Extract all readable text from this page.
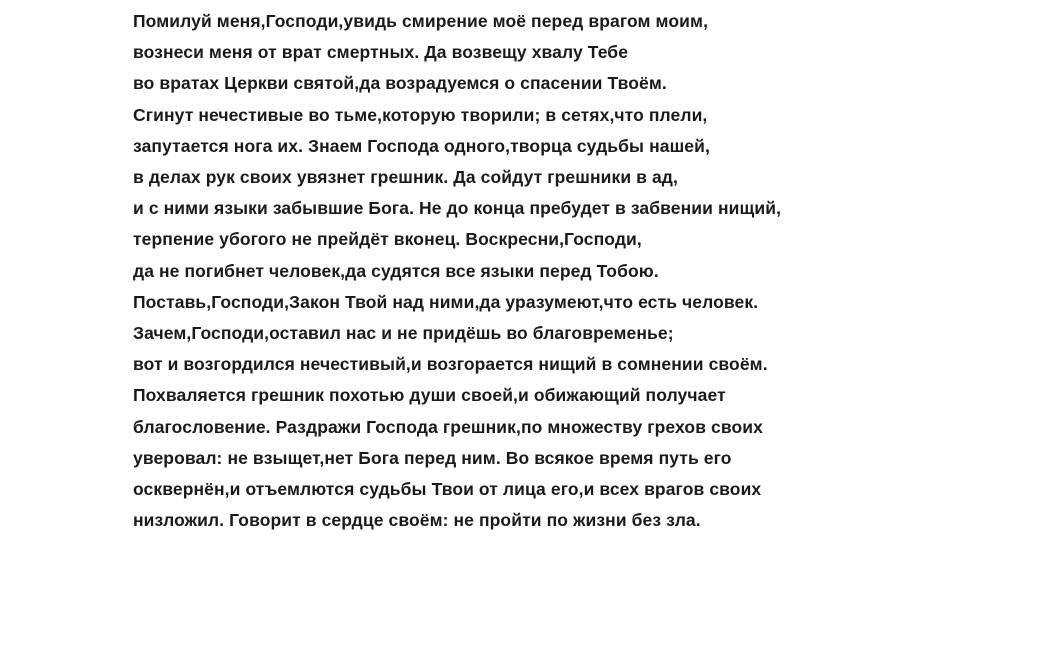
Помилуй меня,Господи,увидь смирение моё перед врагом моим,
вознеси меня от врат смертных. Да возвещу хвалу Тебе
во вратах Церкви святой,да возрадуемся о спасении Твоём.
Сгинут нечестивые во тьме,которую творили; в сетях,что плели,
запутается нога их. Знаем Господа одного,творца судьбы нашей,
в делах рук своих увязнет грешник. Да сойдут грешники в ад,
и с ними языки забывшие Бога. Не до конца пребудет в забвении нищий,
терпение убогого не прейдёт вконец. Воскресни,Господи,
да не погибнет человек,да судятся все языки перед Тобою.
Поставь,Господи,Закон Твой над ними,да уразумеют,что есть человек.
Зачем,Господи,оставил нас и не придёшь во благовременье;
вот и возгордился нечестивый,и возгорается нищий в сомнении своём.
Похваляется грешник похотью души своей,и обижающий получает
благословение. Раздражи Господа грешник,по множеству грехов своих
уверовал: не взыщет,нет Бога перед ним. Во всякое время путь его
осквернён,и отъемлются судьбы Твои от лица его,и всех врагов своих
низложил. Говорит в сердце своём: не пройти по жизни без зла.
